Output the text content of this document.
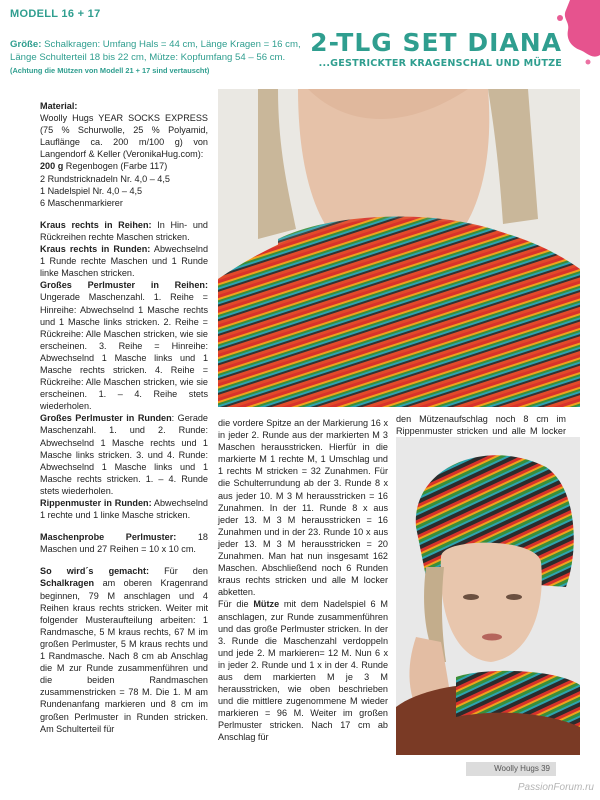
MODELL 16 + 17
Größe: Schalkragen: Umfang Hals = 44 cm, Länge Kragen = 16 cm, Länge Schulterteil 18 bis 22 cm, Mütze: Kopfumfang 54 – 56 cm. (Achtung die Mützen von Modell 21 + 17 sind vertauscht)
2-TLG SET DIANA
...GESTRICKTER KRAGENSCHAL UND MÜTZE

Material:

Woolly Hugs YEAR SOCKS EXPRESS (75 % Schurwolle, 25 % Polyamid, Lauflänge ca. 200 m/100 g) von Langendorf & Keller (VeronikaHug.com):

200 g Regenbogen (Farbe 117)

2 Rundstricknadeln Nr. 4,0 – 4,5

1 Nadelspiel Nr. 4,0 – 4,5

6 Maschenmarkierer

Kraus rechts in Reihen: In Hin- und Rückreihen rechte Maschen stricken.

Kraus rechts in Runden: Abwechselnd 1 Runde rechte Maschen und 1 Runde linke Maschen stricken.

Großes Perlmuster in Reihen: Ungerade Maschenzahl. 1. Reihe = Hinreihe: Abwechselnd 1 Masche rechts und 1 Masche links stricken. 2. Reihe = Rückreihe: Alle Maschen stricken, wie sie erscheinen. 3. Reihe = Hinreihe: Abwechselnd 1 Masche links und 1 Masche rechts stricken. 4. Reihe = Rückreihe: Alle Maschen stricken, wie sie erscheinen. 1. – 4. Reihe stets wiederholen.

Großes Perlmuster in Runden: Gerade Maschenzahl. 1. und 2. Runde: Abwechselnd 1 Masche rechts und 1 Masche links stricken. 3. und 4. Runde: Abwechselnd 1 Masche links und 1 Masche rechts stricken. 1. – 4. Runde stets wiederholen.

Rippenmuster in Runden: Abwechselnd 1 rechte und 1 linke Masche stricken.

Maschenprobe Perlmuster: 18 Maschen und 27 Reihen = 10 x 10 cm.

So wird´s gemacht: Für den Schalkragen am oberen Kragenrand beginnen, 79 M anschlagen und 4 Reihen kraus rechts stricken. Weiter mit folgender Musteraufteilung arbeiten: 1 Randmasche, 5 M kraus rechts, 67 M im großen Perlmuster, 5 M kraus rechts und 1 Randmasche. Nach 8 cm ab Anschlag die M zur Runde zusammenführen und die beiden Randmaschen zusammenstricken = 78 M. Die 1. M am Rundenanfang markieren und 8 cm im großen Perlmuster in Runden stricken. Am Schulterteil für

die vordere Spitze an der Markierung 16 x in jeder 2. Runde aus der markierten M 3 Maschen herausstricken. Hierfür in die markierte M 1 rechte M, 1 Umschlag und 1 rechts M stricken = 32 Zunahmen. Für die Schulterrundung ab der 3. Runde 8 x aus jeder 10. M 3 M herausstricken = 16 Zunahmen. In der 11. Runde 8 x aus jeder 13. M 3 M herausstricken = 16 Zunahmen und in der 23. Runde 10 x aus jeder 13. M 3 M herausstricken = 20 Zunahmen. Man hat nun insgesamt 162 Maschen. Abschließend noch 6 Runden kraus rechts stricken und alle M locker abketten.

Für die Mütze mit dem Nadelspiel 6 M anschlagen, zur Runde zusammenführen und das große Perlmuster stricken. In der 3. Runde die Maschenzahl verdoppeln und jede 2. M markieren= 12 M. Nun 6 x in jeder 2. Runde und 1 x in der 4. Runde aus dem markierten M je 3 M herausstricken, wie oben beschrieben und die mittlere zugenommene M wieder markieren = 96 M. Weiter im großen Perlmuster stricken. Nach 17 cm ab Anschlag für

den Mützenaufschlag noch 8 cm im Rippenmuster stricken und alle M locker

Woolly Hugs 39
PassionForum.ru
